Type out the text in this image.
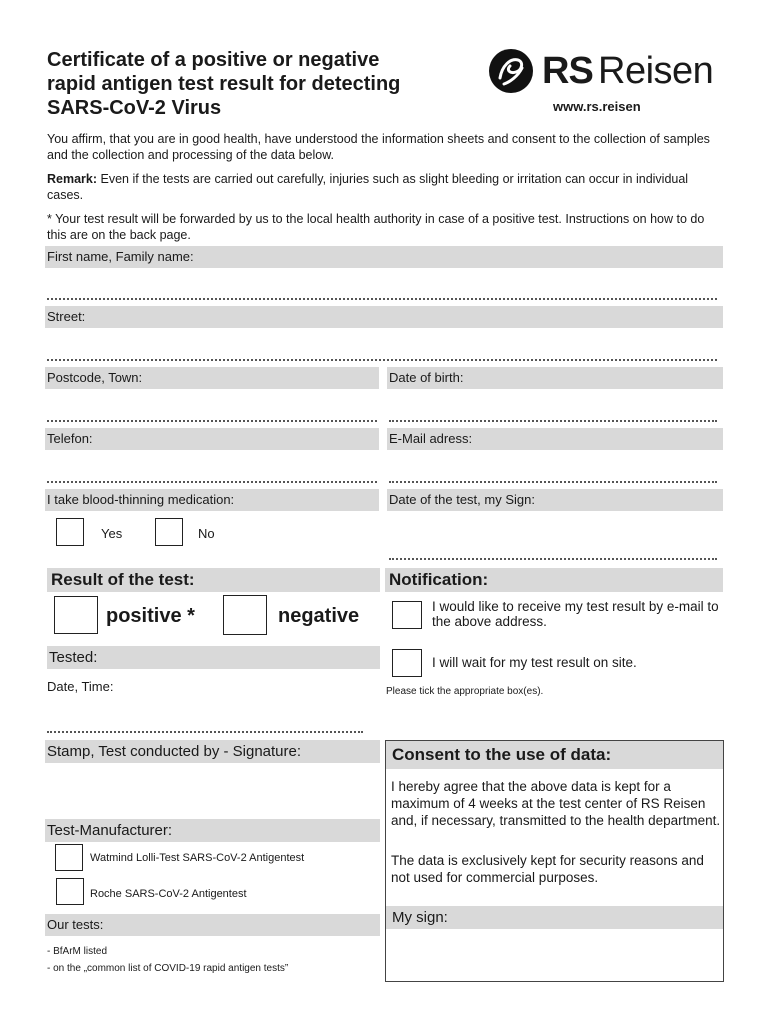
Certificate of a positive or negative
rapid antigen test result for detecting
SARS-CoV-2 Virus
RS Reisen
www.rs.reisen
You affirm, that you are in good health, have understood the information sheets and consent to the collection of samples and the collection and processing of the data below.
Remark: Even if the tests are carried out carefully, injuries such as slight bleeding or irritation can occur in individual cases.
* Your test result will be forwarded by us to the local health authority in case of a positive test. Instructions on how to do this are on the back page.
First name, Family name:
Street:
Postcode, Town:	Date of birth:
Telefon:	E-Mail adress:
I take blood-thinning medication:	Date of the test, my Sign:
Yes	No
Result of the test:
positive *	negative
Notification:
I would like to receive my test result by e-mail to the above address.
I will wait for my test result on site.
Please tick the appropriate box(es).
Tested:
Date, Time:
Stamp, Test conducted by - Signature:
Test-Manufacturer:
Watmind Lolli-Test SARS-CoV-2 Antigentest
Roche SARS-CoV-2 Antigentest
Our tests:
- BfArM listed
- on the „common list of COVID-19 rapid antigen tests”
Consent to the use of data:
I hereby agree that the above data is kept for a maximum of 4 weeks at the test center of RS Reisen and, if necessary, transmitted to the health department.
The data is exclusively kept for security reasons and not used for commercial purposes.
My sign:
